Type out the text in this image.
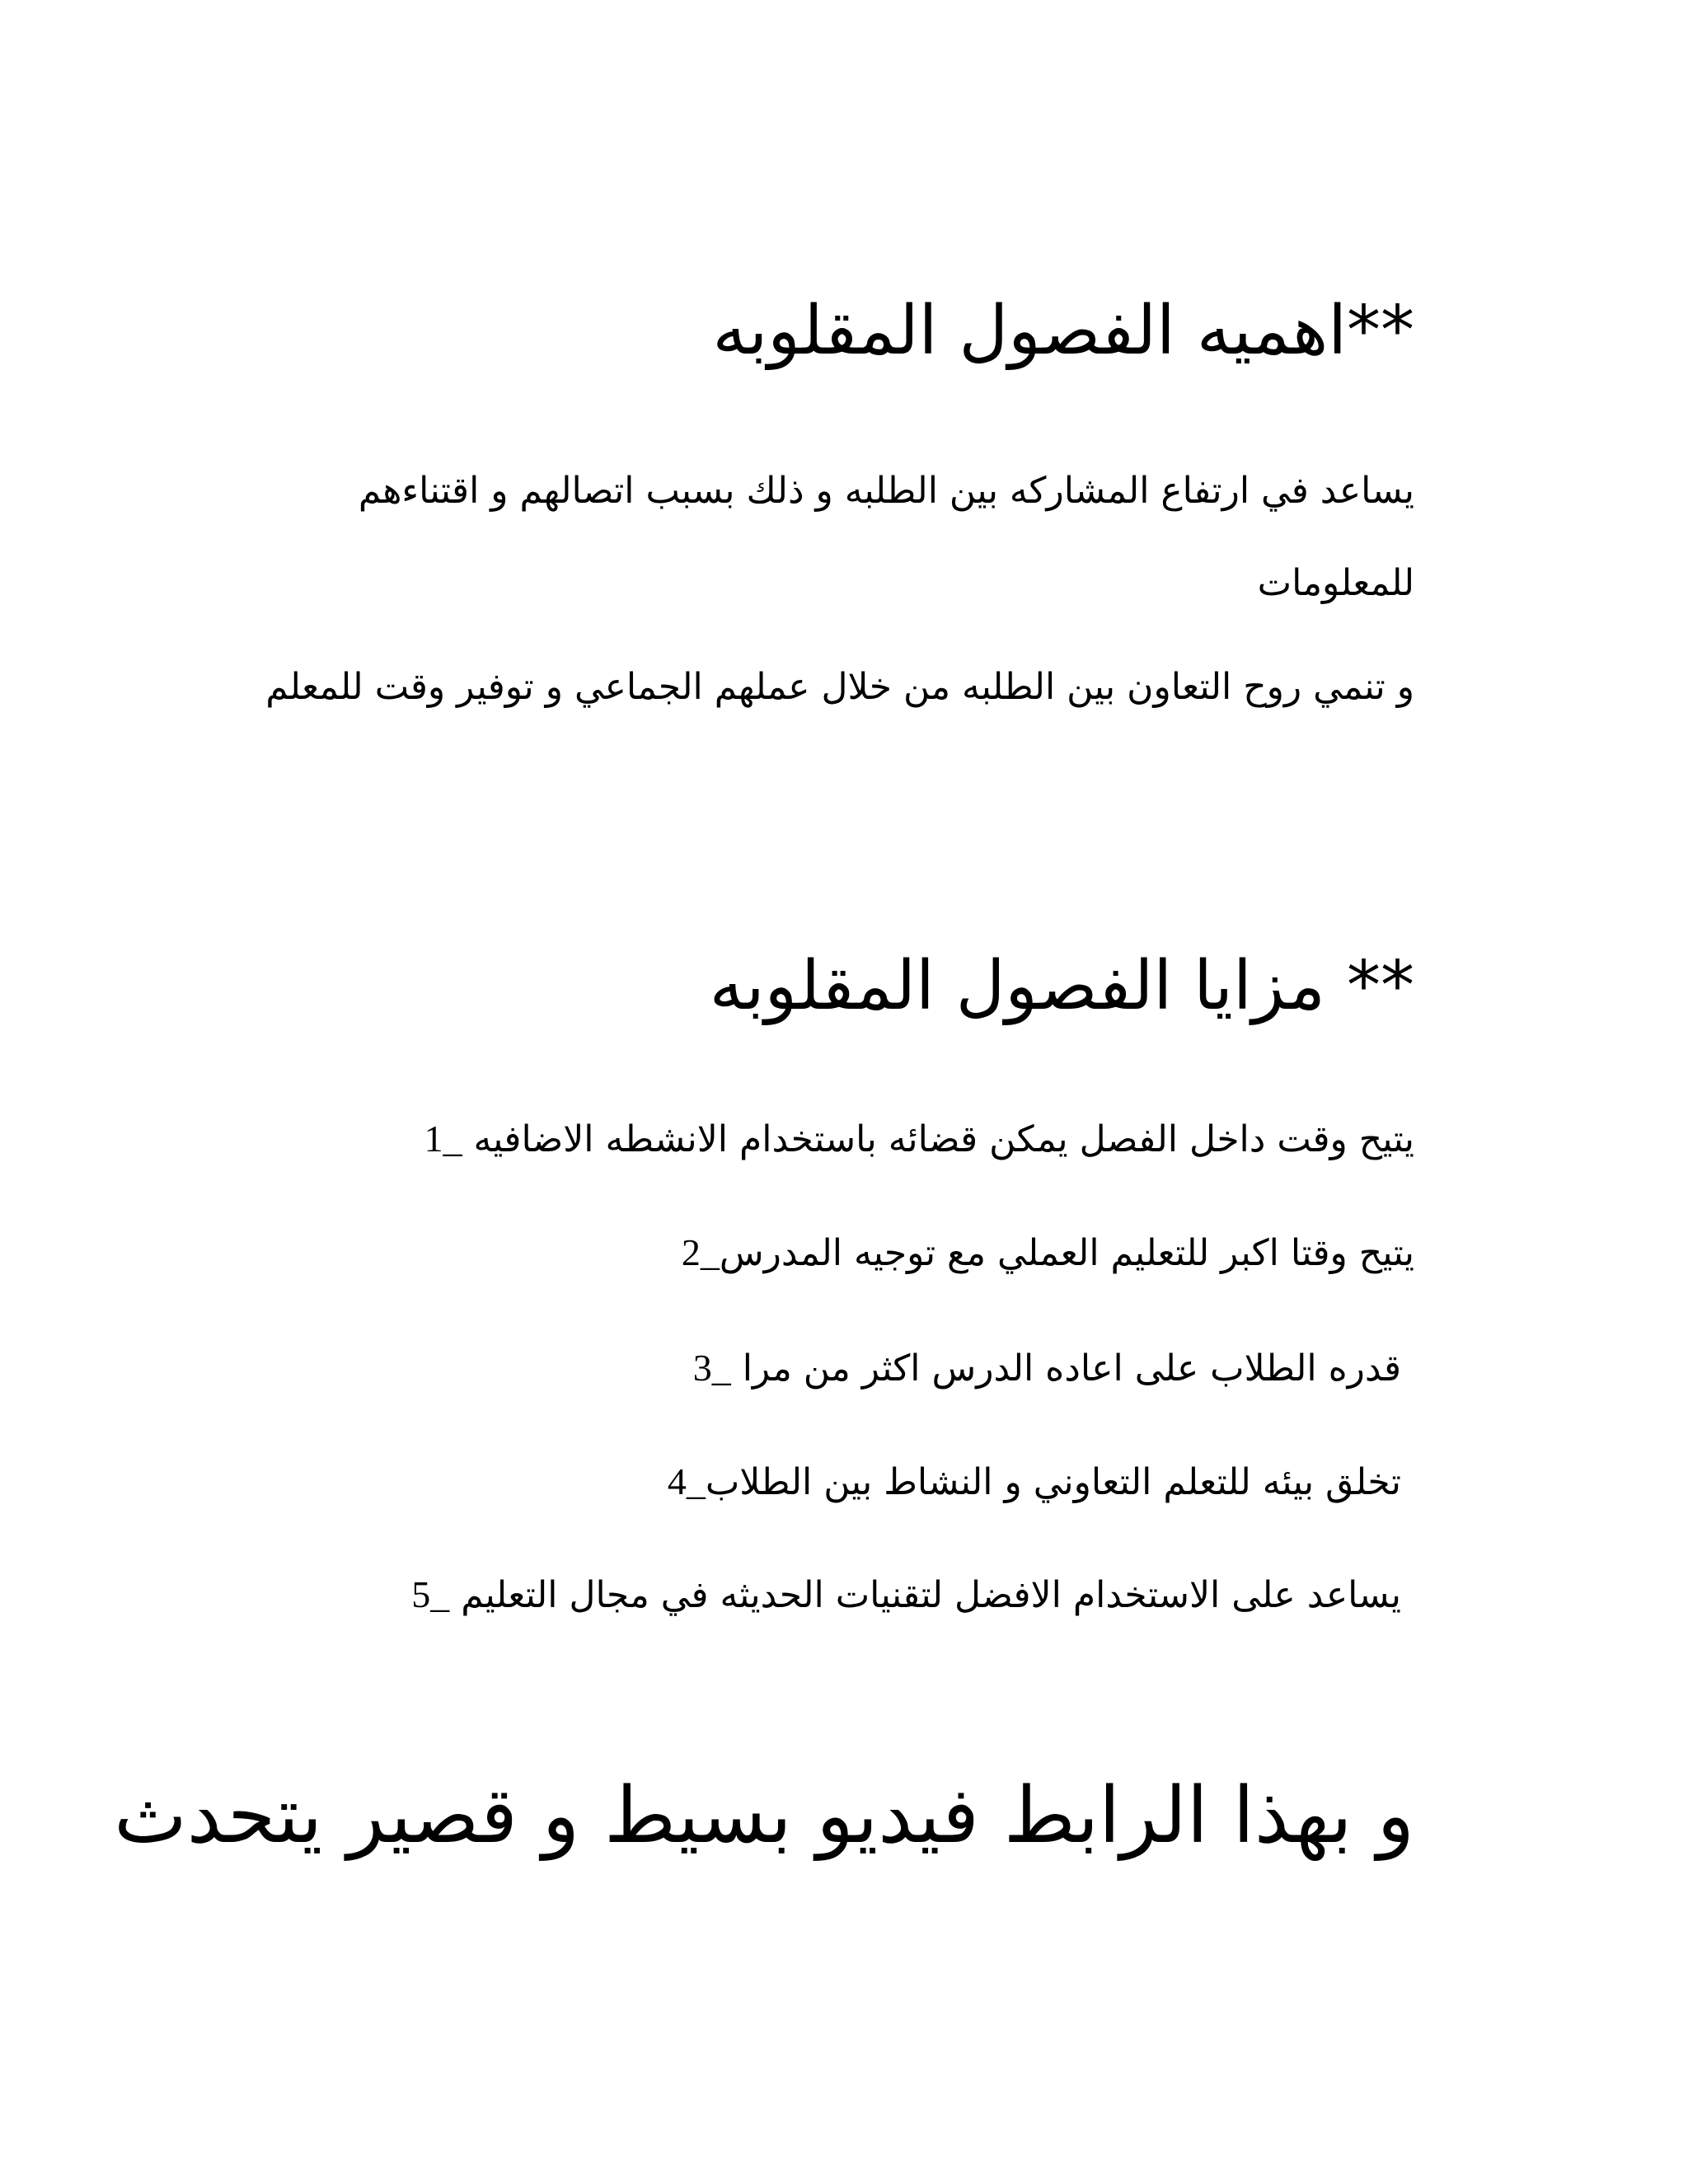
**اهميه الفصول المقلوبه

يساعد في ارتفاع المشاركه بين الطلبه و ذلك بسبب اتصالهم و اقتناءهم للمعلومات

و تنمي روح التعاون بين الطلبه من خلال عملهم الجماعي و توفير وقت للمعلم

** مزايا الفصول المقلوبه
يتيح وقت داخل الفصل يمكن قضائه باستخدام الانشطه الاضافيه _1
يتيح وقتا اكبر للتعليم العملي مع توجيه المدرس_2
قدره الطلاب على اعاده الدرس اكثر من مرا _3
تخلق بيئه للتعلم التعاوني و النشاط بين الطلاب_4
يساعد على الاستخدام الافضل لتقنيات الحديثه في مجال التعليم _5
و بهذا الرابط فيديو بسيط و قصير يتحدث
